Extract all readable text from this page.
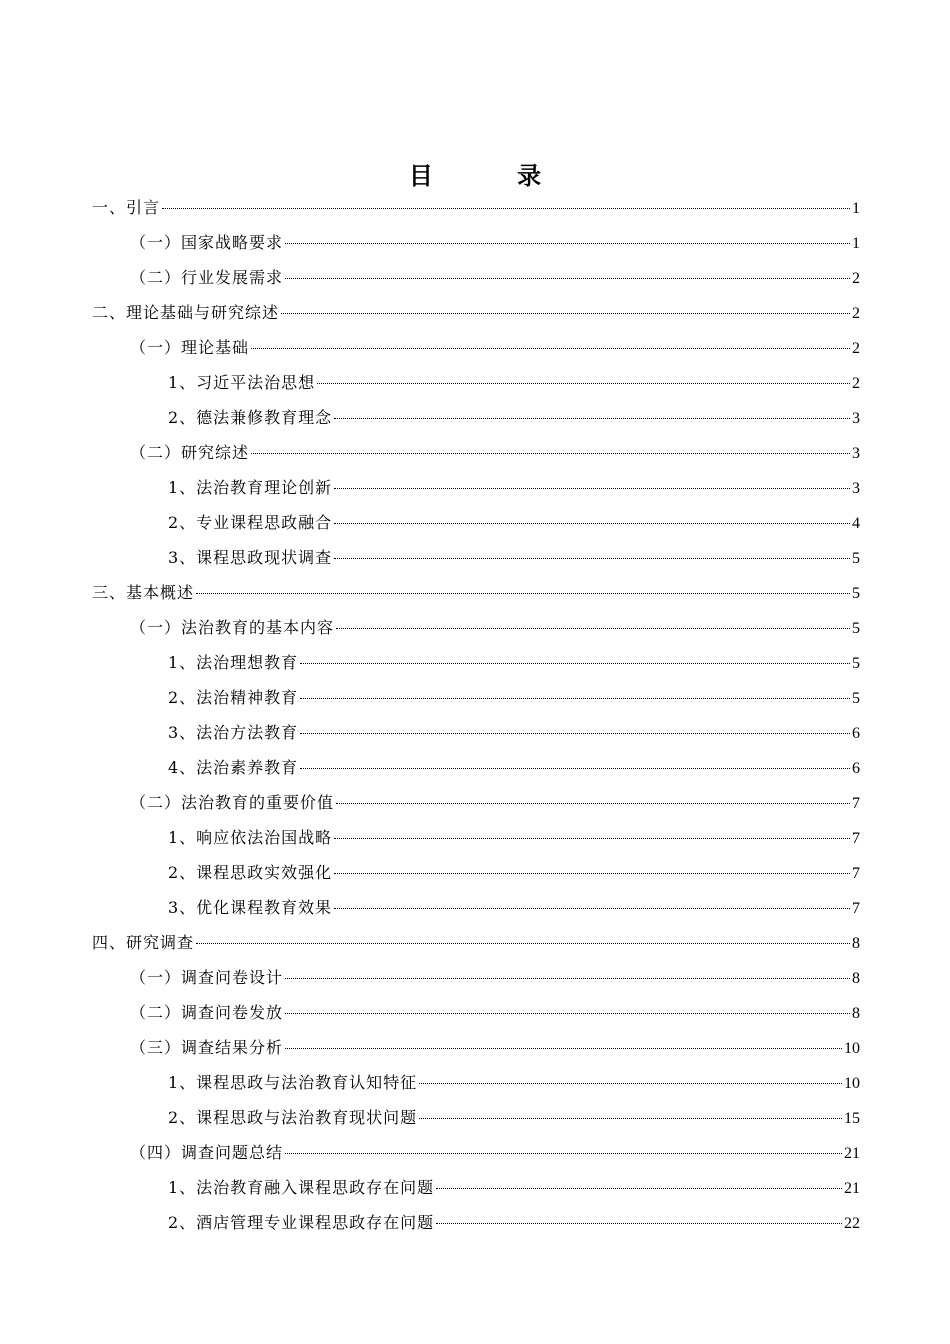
目 录
一、引言	1
（一）国家战略要求	1
（二）行业发展需求	2
二、理论基础与研究综述	2
（一）理论基础	2
1、习近平法治思想	2
2、德法兼修教育理念	3
（二）研究综述	3
1、法治教育理论创新	3
2、专业课程思政融合	4
3、课程思政现状调查	5
三、基本概述	5
（一）法治教育的基本内容	5
1、法治理想教育	5
2、法治精神教育	5
3、法治方法教育	6
4、法治素养教育	6
（二）法治教育的重要价值	7
1、响应依法治国战略	7
2、课程思政实效强化	7
3、优化课程教育效果	7
四、研究调查	8
（一）调查问卷设计	8
（二）调查问卷发放	8
（三）调查结果分析	10
1、课程思政与法治教育认知特征	10
2、课程思政与法治教育现状问题	15
（四）调查问题总结	21
1、法治教育融入课程思政存在问题	21
2、酒店管理专业课程思政存在问题	22
